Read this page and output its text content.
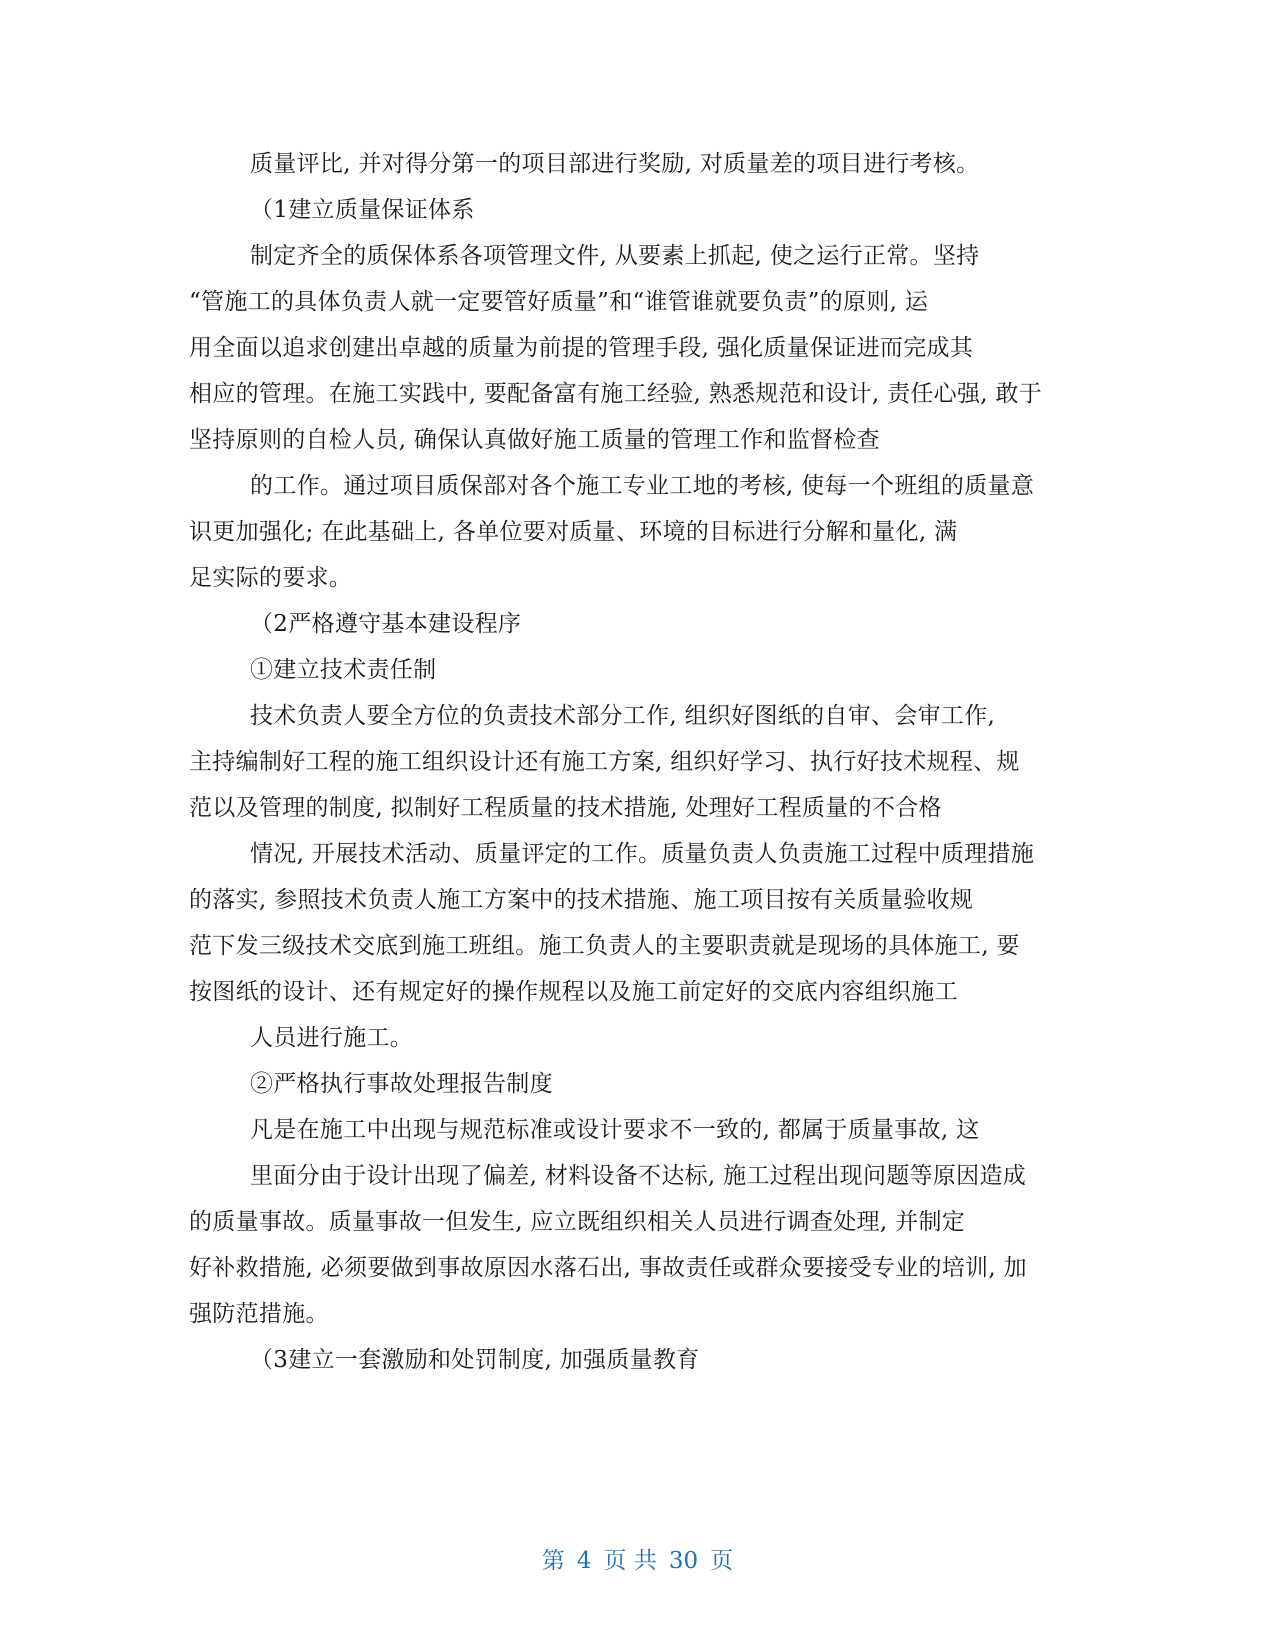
质量评比, 并对得分第一的项目部进行奖励, 对质量差的项目进行考核。
（1建立质量保证体系
制定齐全的质保体系各项管理文件, 从要素上抓起, 使之运行正常。坚持
“管施工的具体负责人就一定要管好质量”和“谁管谁就要负责”的原则, 运
用全面以追求创建出卓越的质量为前提的管理手段, 强化质量保证进而完成其
相应的管理。在施工实践中, 要配备富有施工经验, 熟悉规范和设计, 责任心强, 敢于
坚持原则的自检人员, 确保认真做好施工质量的管理工作和监督检查
的工作。通过项目质保部对各个施工专业工地的考核, 使每一个班组的质量意
识更加强化; 在此基础上, 各单位要对质量、环境的目标进行分解和量化, 满
足实际的要求。
（2严格遵守基本建设程序
①建立技术责任制
技术负责人要全方位的负责技术部分工作, 组织好图纸的自审、会审工作,
主持编制好工程的施工组织设计还有施工方案, 组织好学习、执行好技术规程、规
范以及管理的制度, 拟制好工程质量的技术措施, 处理好工程质量的不合格
情况, 开展技术活动、质量评定的工作。质量负责人负责施工过程中质理措施
的落实, 参照技术负责人施工方案中的技术措施、施工项目按有关质量验收规
范下发三级技术交底到施工班组。施工负责人的主要职责就是现场的具体施工, 要
按图纸的设计、还有规定好的操作规程以及施工前定好的交底内容组织施工
人员进行施工。
②严格执行事故处理报告制度
凡是在施工中出现与规范标准或设计要求不一致的, 都属于质量事故, 这
里面分由于设计出现了偏差, 材料设备不达标, 施工过程出现问题等原因造成
的质量事故。质量事故一但发生, 应立既组织相关人员进行调查处理, 并制定
好补救措施, 必须要做到事故原因水落石出, 事故责任或群众要接受专业的培训, 加
强防范措施。
（3建立一套激励和处罚制度, 加强质量教育
第 4 页 共 30 页
